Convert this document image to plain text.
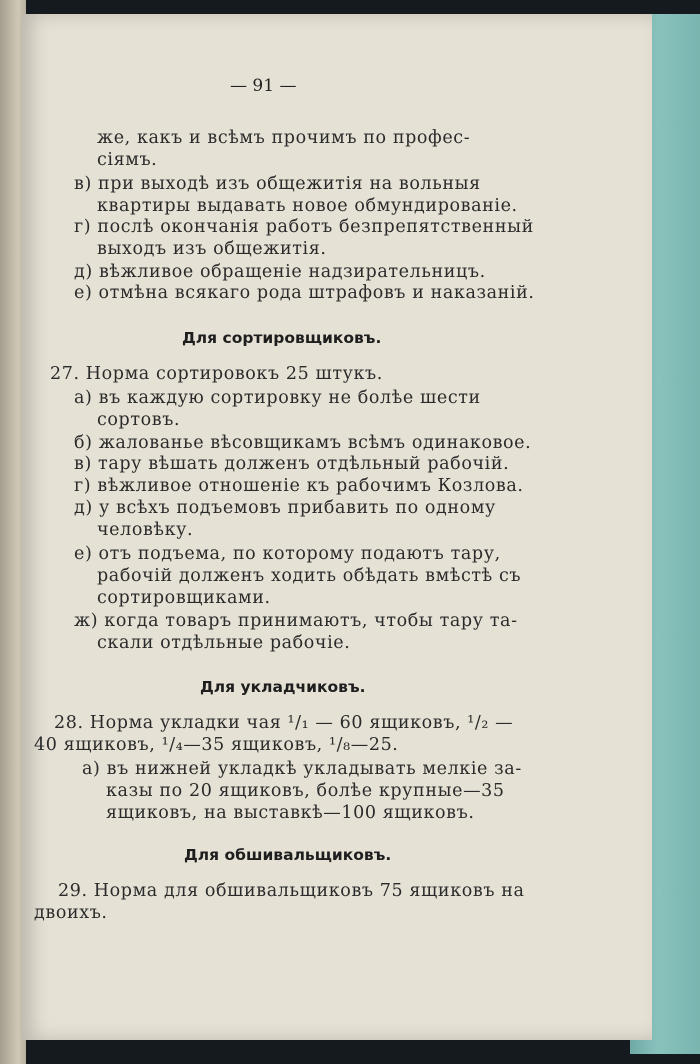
— 91 —
же, какъ и всѣмъ прочимъ по профес-
сіямъ.
в) при выходѣ изъ общежитія на вольныя
квартиры выдавать новое обмундированіе.
г) послѣ окончанія работъ безпрепятственный
выходъ изъ общежитія.
д) вѣжливое обращеніе надзирательницъ.
е) отмѣна всякаго рода штрафовъ и наказаній.
Для сортировщиковъ.
27. Норма сортировокъ 25 штукъ.
а) въ каждую сортировку не болѣе шести
сортовъ.
б) жалованье вѣсовщикамъ всѣмъ одинаковое.
в) тару вѣшать долженъ отдѣльный рабочій.
г) вѣжливое отношеніе къ рабочимъ Козлова.
д) у всѣхъ подъемовъ прибавить по одному
человѣку.
е) отъ подъема, по которому подаютъ тару,
рабочій долженъ ходить обѣдать вмѣстѣ съ
сортировщиками.
ж) когда товаръ принимаютъ, чтобы тару та-
скали отдѣльные рабочіе.
Для укладчиковъ.
28. Норма укладки чая ¹/₁ — 60 ящиковъ, ¹/₂ —
40 ящиковъ, ¹/₄—35 ящиковъ, ¹/₈—25.
а) въ нижней укладкѣ укладывать мелкіе за-
казы по 20 ящиковъ, болѣе крупные—35
ящиковъ, на выставкѣ—100 ящиковъ.
Для обшивальщиковъ.
29. Норма для обшивальщиковъ 75 ящиковъ на
двоихъ.
